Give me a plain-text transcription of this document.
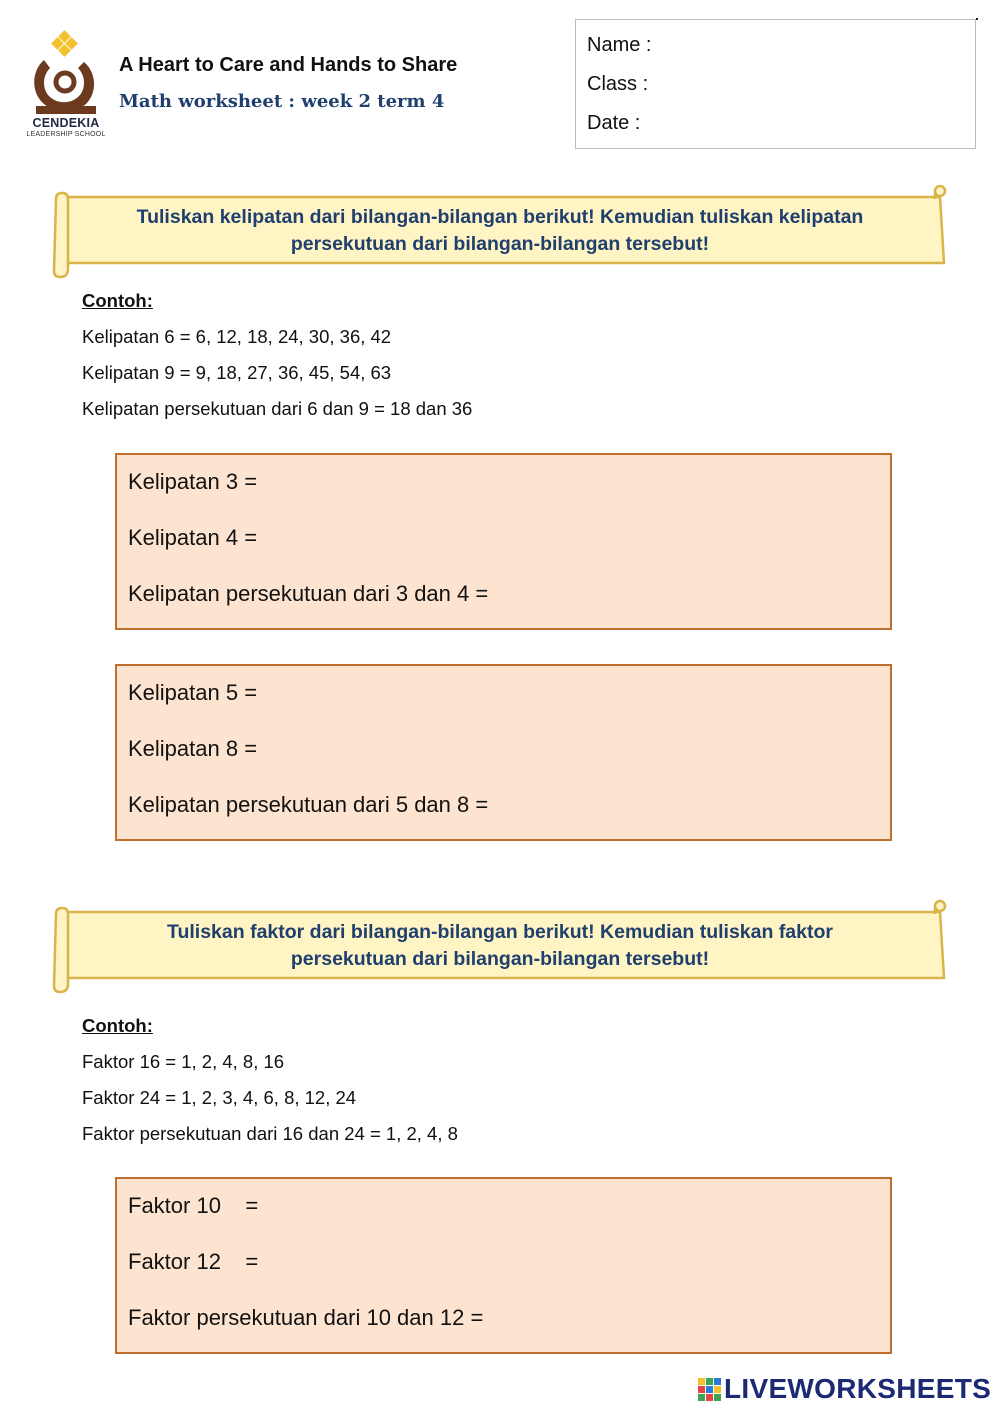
CENDEKIA
LEADERSHIP SCHOOL
A Heart to Care and Hands to Share
Math worksheet : week 2 term 4
Name :
Class :
Date :
Tuliskan kelipatan dari bilangan-bilangan berikut! Kemudian tuliskan kelipatan
persekutuan dari bilangan-bilangan tersebut!
Contoh:
Kelipatan 6 = 6, 12, 18, 24, 30, 36, 42
Kelipatan 9 = 9, 18, 27, 36, 45, 54, 63
Kelipatan persekutuan dari 6 dan 9 = 18 dan 36
Kelipatan 3 =
Kelipatan 4 =
Kelipatan persekutuan dari 3 dan 4 =
Kelipatan 5 =
Kelipatan 8 =
Kelipatan persekutuan dari 5 dan 8 =
Tuliskan faktor dari bilangan-bilangan berikut! Kemudian tuliskan faktor
persekutuan dari bilangan-bilangan tersebut!
Contoh:
Faktor 16 = 1, 2, 4, 8, 16
Faktor 24 = 1, 2, 3, 4, 6, 8, 12, 24
Faktor persekutuan dari 16 dan 24 = 1, 2, 4, 8
Faktor 10    =
Faktor 12    =
Faktor persekutuan dari 10 dan 12 =
LIVEWORKSHEETS
